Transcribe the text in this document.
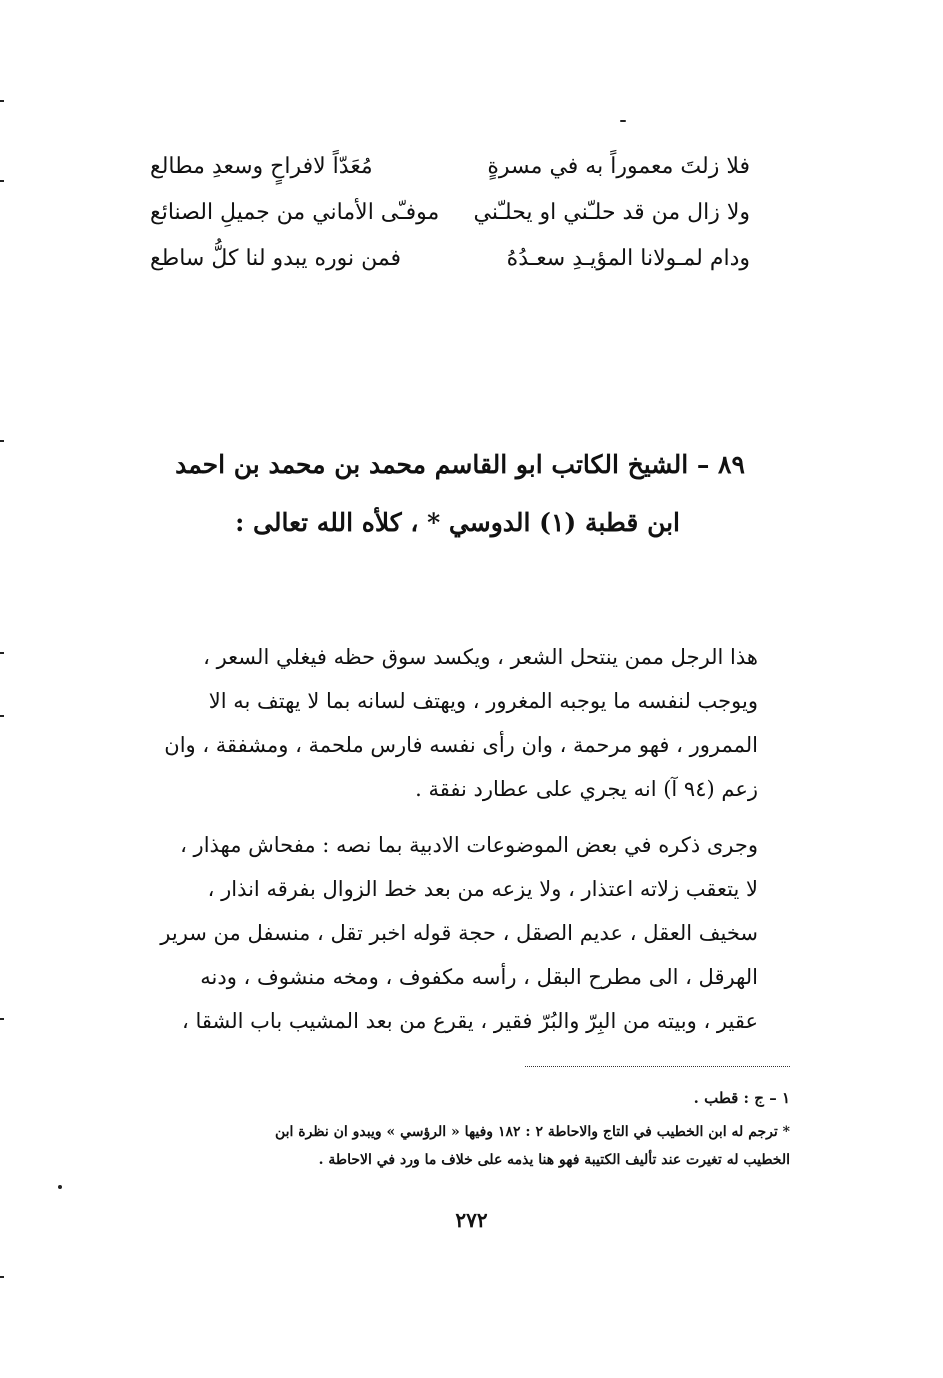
فلا زلتَ معموراً به في مسرةٍ
مُعَدّاً لافراحٍ وسعدِ مطالع
ولا زال من قد حلـّني او يحلـّني
موفـّى الأماني من جميلِ الصنائع
ودام لمـولانا المؤيـدِ سعـدُهُ
فمن نوره يبدو لنا كلُّ ساطع
٨٩ – الشيخ الكاتب ابو القاسم محمد بن محمد بن احمد
ابن قطبة (١) الدوسي * ، كلأه الله تعالى :
هذا الرجل ممن ينتحل الشعر ، ويكسد سوق حظه فيغلي السعر ،
ويوجب لنفسه ما يوجبه المغرور ، ويهتف لسانه بما لا يهتف به الا
الممرور ، فهو مرحمة ، وان رأى نفسه فارس ملحمة ، ومشفقة ، وان
زعم (٩٤ آ) انه يجري على عطارد نفقة .
وجرى ذكره في بعض الموضوعات الادبية بما نصه : مفحاش مهذار ،
لا يتعقب زلاته اعتذار ، ولا يزعه من بعد خط الزوال بفرقه انذار ،
سخيف العقل ، عديم الصقل ، حجة قوله اخبر تقل ، منسفل من سرير
الهرقل ، الى مطرح البقل ، رأسه مكفوف ، ومخه منشوف ، ودنه
عقير ، وبيته من البِرّ والبُرّ فقير ، يقرع من بعد المشيب باب الشقا ،
١ – ج : قطب .
* ترجم له ابن الخطيب في التاج والاحاطة ٢ : ١٨٢ وفيها « الرؤسي » ويبدو ان نظرة ابن
الخطيب له تغيرت عند تأليف الكتيبة فهو هنا يذمه على خلاف ما ورد في الاحاطة .
٢٧٢
